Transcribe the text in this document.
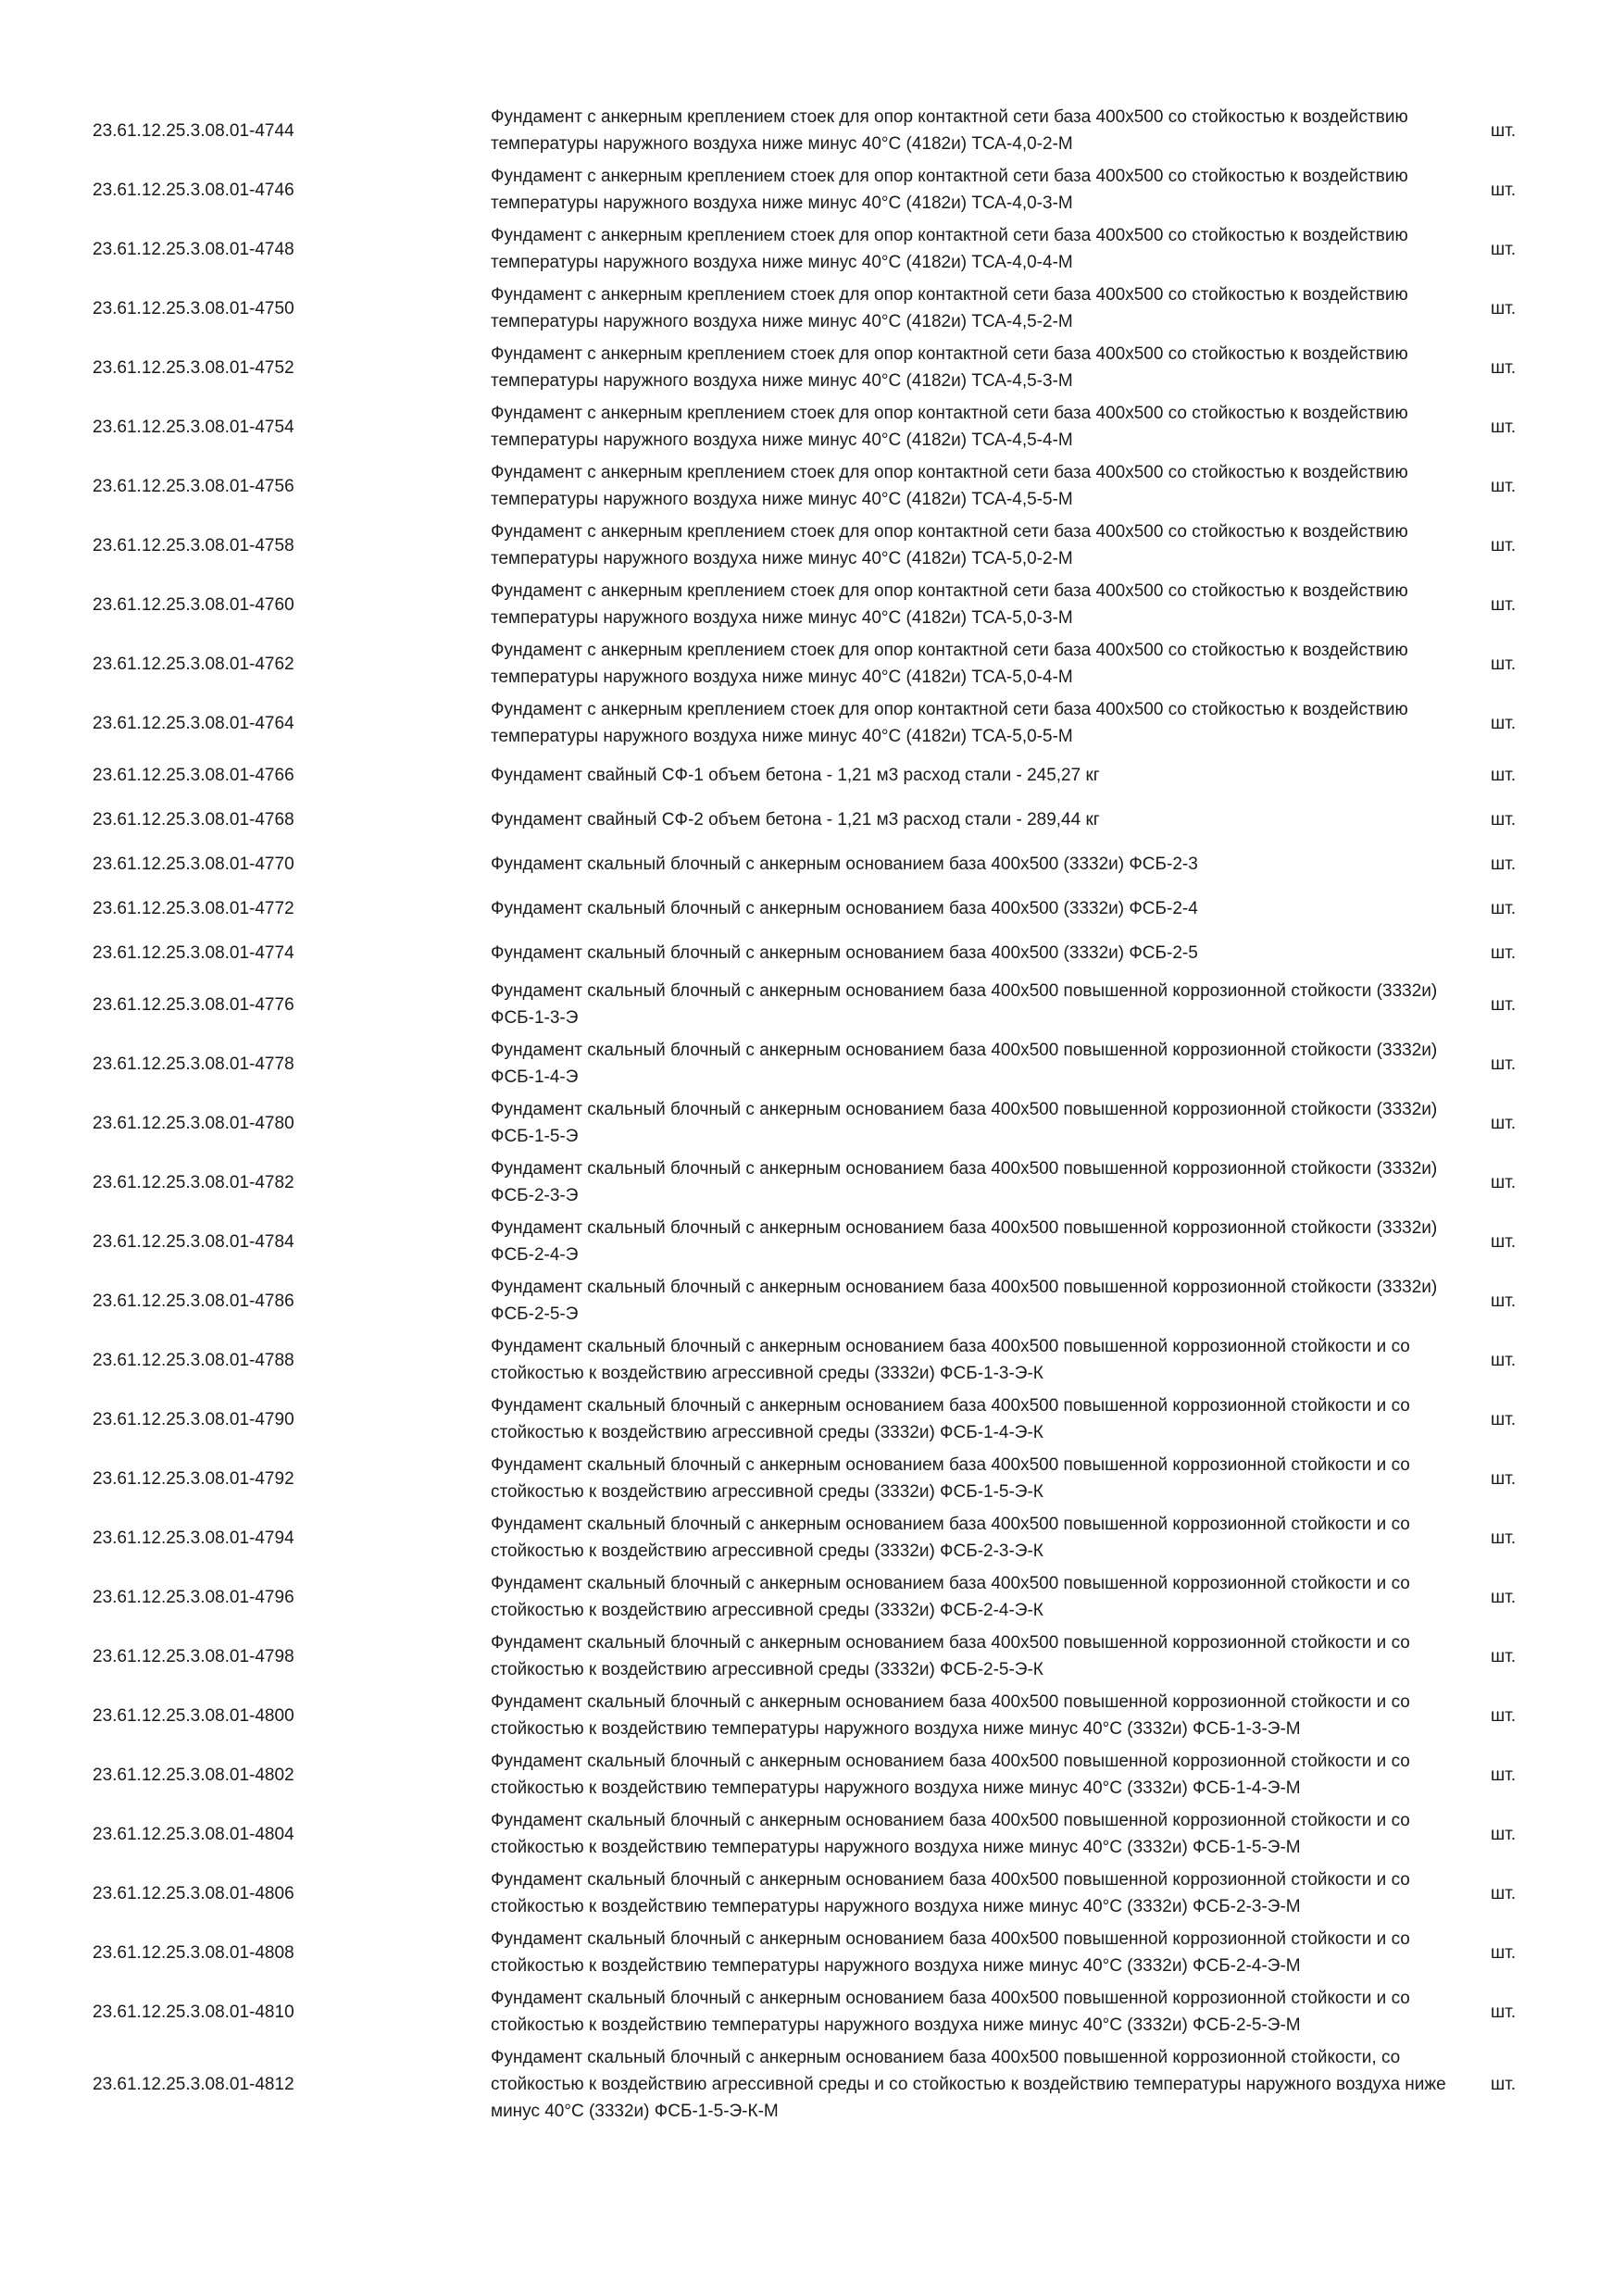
23.61.12.25.3.08.01-4744	Фундамент с анкерным креплением стоек для опор контактной сети база 400х500 со стойкостью к воздействию температуры наружного воздуха ниже минус 40°С (4182и) ТСА-4,0-2-М	шт.
23.61.12.25.3.08.01-4746	Фундамент с анкерным креплением стоек для опор контактной сети база 400х500 со стойкостью к воздействию температуры наружного воздуха ниже минус 40°С (4182и) ТСА-4,0-3-М	шт.
23.61.12.25.3.08.01-4748	Фундамент с анкерным креплением стоек для опор контактной сети база 400х500 со стойкостью к воздействию температуры наружного воздуха ниже минус 40°С (4182и) ТСА-4,0-4-М	шт.
23.61.12.25.3.08.01-4750	Фундамент с анкерным креплением стоек для опор контактной сети база 400х500 со стойкостью к воздействию температуры наружного воздуха ниже минус 40°С (4182и) ТСА-4,5-2-М	шт.
23.61.12.25.3.08.01-4752	Фундамент с анкерным креплением стоек для опор контактной сети база 400х500 со стойкостью к воздействию температуры наружного воздуха ниже минус 40°С (4182и) ТСА-4,5-3-М	шт.
23.61.12.25.3.08.01-4754	Фундамент с анкерным креплением стоек для опор контактной сети база 400х500 со стойкостью к воздействию температуры наружного воздуха ниже минус 40°С (4182и) ТСА-4,5-4-М	шт.
23.61.12.25.3.08.01-4756	Фундамент с анкерным креплением стоек для опор контактной сети база 400х500 со стойкостью к воздействию температуры наружного воздуха ниже минус 40°С (4182и) ТСА-4,5-5-М	шт.
23.61.12.25.3.08.01-4758	Фундамент с анкерным креплением стоек для опор контактной сети база 400х500 со стойкостью к воздействию температуры наружного воздуха ниже минус 40°С (4182и) ТСА-5,0-2-М	шт.
23.61.12.25.3.08.01-4760	Фундамент с анкерным креплением стоек для опор контактной сети база 400х500 со стойкостью к воздействию температуры наружного воздуха ниже минус 40°С (4182и) ТСА-5,0-3-М	шт.
23.61.12.25.3.08.01-4762	Фундамент с анкерным креплением стоек для опор контактной сети база 400х500 со стойкостью к воздействию температуры наружного воздуха ниже минус 40°С (4182и) ТСА-5,0-4-М	шт.
23.61.12.25.3.08.01-4764	Фундамент с анкерным креплением стоек для опор контактной сети база 400х500 со стойкостью к воздействию температуры наружного воздуха ниже минус 40°С (4182и) ТСА-5,0-5-М	шт.
23.61.12.25.3.08.01-4766	Фундамент свайный СФ-1 объем бетона - 1,21 м3 расход стали - 245,27 кг	шт.
23.61.12.25.3.08.01-4768	Фундамент свайный СФ-2 объем бетона - 1,21 м3 расход стали - 289,44 кг	шт.
23.61.12.25.3.08.01-4770	Фундамент скальный блочный с анкерным основанием база 400х500 (3332и) ФСБ-2-3	шт.
23.61.12.25.3.08.01-4772	Фундамент скальный блочный с анкерным основанием база 400х500 (3332и) ФСБ-2-4	шт.
23.61.12.25.3.08.01-4774	Фундамент скальный блочный с анкерным основанием база 400х500 (3332и) ФСБ-2-5	шт.
23.61.12.25.3.08.01-4776	Фундамент скальный блочный с анкерным основанием база 400х500 повышенной коррозионной стойкости (3332и) ФСБ-1-3-Э	шт.
23.61.12.25.3.08.01-4778	Фундамент скальный блочный с анкерным основанием база 400х500 повышенной коррозионной стойкости (3332и) ФСБ-1-4-Э	шт.
23.61.12.25.3.08.01-4780	Фундамент скальный блочный с анкерным основанием база 400х500 повышенной коррозионной стойкости (3332и) ФСБ-1-5-Э	шт.
23.61.12.25.3.08.01-4782	Фундамент скальный блочный с анкерным основанием база 400х500 повышенной коррозионной стойкости (3332и) ФСБ-2-3-Э	шт.
23.61.12.25.3.08.01-4784	Фундамент скальный блочный с анкерным основанием база 400х500 повышенной коррозионной стойкости (3332и) ФСБ-2-4-Э	шт.
23.61.12.25.3.08.01-4786	Фундамент скальный блочный с анкерным основанием база 400х500 повышенной коррозионной стойкости (3332и) ФСБ-2-5-Э	шт.
23.61.12.25.3.08.01-4788	Фундамент скальный блочный с анкерным основанием база 400х500 повышенной коррозионной стойкости и со стойкостью к воздействию агрессивной среды (3332и) ФСБ-1-3-Э-К	шт.
23.61.12.25.3.08.01-4790	Фундамент скальный блочный с анкерным основанием база 400х500 повышенной коррозионной стойкости и со стойкостью к воздействию агрессивной среды (3332и) ФСБ-1-4-Э-К	шт.
23.61.12.25.3.08.01-4792	Фундамент скальный блочный с анкерным основанием база 400х500 повышенной коррозионной стойкости и со стойкостью к воздействию агрессивной среды (3332и) ФСБ-1-5-Э-К	шт.
23.61.12.25.3.08.01-4794	Фундамент скальный блочный с анкерным основанием база 400х500 повышенной коррозионной стойкости и со стойкостью к воздействию агрессивной среды (3332и) ФСБ-2-3-Э-К	шт.
23.61.12.25.3.08.01-4796	Фундамент скальный блочный с анкерным основанием база 400х500 повышенной коррозионной стойкости и со стойкостью к воздействию агрессивной среды (3332и) ФСБ-2-4-Э-К	шт.
23.61.12.25.3.08.01-4798	Фундамент скальный блочный с анкерным основанием база 400х500 повышенной коррозионной стойкости и со стойкостью к воздействию агрессивной среды (3332и) ФСБ-2-5-Э-К	шт.
23.61.12.25.3.08.01-4800	Фундамент скальный блочный с анкерным основанием база 400х500 повышенной коррозионной стойкости и со стойкостью к воздействию температуры наружного воздуха ниже минус 40°С (3332и) ФСБ-1-3-Э-М	шт.
23.61.12.25.3.08.01-4802	Фундамент скальный блочный с анкерным основанием база 400х500 повышенной коррозионной стойкости и со стойкостью к воздействию температуры наружного воздуха ниже минус 40°С (3332и) ФСБ-1-4-Э-М	шт.
23.61.12.25.3.08.01-4804	Фундамент скальный блочный с анкерным основанием база 400х500 повышенной коррозионной стойкости и со стойкостью к воздействию температуры наружного воздуха ниже минус 40°С (3332и) ФСБ-1-5-Э-М	шт.
23.61.12.25.3.08.01-4806	Фундамент скальный блочный с анкерным основанием база 400х500 повышенной коррозионной стойкости и со стойкостью к воздействию температуры наружного воздуха ниже минус 40°С (3332и) ФСБ-2-3-Э-М	шт.
23.61.12.25.3.08.01-4808	Фундамент скальный блочный с анкерным основанием база 400х500 повышенной коррозионной стойкости и со стойкостью к воздействию температуры наружного воздуха ниже минус 40°С (3332и) ФСБ-2-4-Э-М	шт.
23.61.12.25.3.08.01-4810	Фундамент скальный блочный с анкерным основанием база 400х500 повышенной коррозионной стойкости и со стойкостью к воздействию температуры наружного воздуха ниже минус 40°С (3332и) ФСБ-2-5-Э-М	шт.
23.61.12.25.3.08.01-4812	Фундамент скальный блочный с анкерным основанием база 400х500 повышенной коррозионной стойкости, со стойкостью к воздействию агрессивной среды и со стойкостью к воздействию температуры наружного воздуха ниже минус 40°С (3332и) ФСБ-1-5-Э-К-М	шт.
